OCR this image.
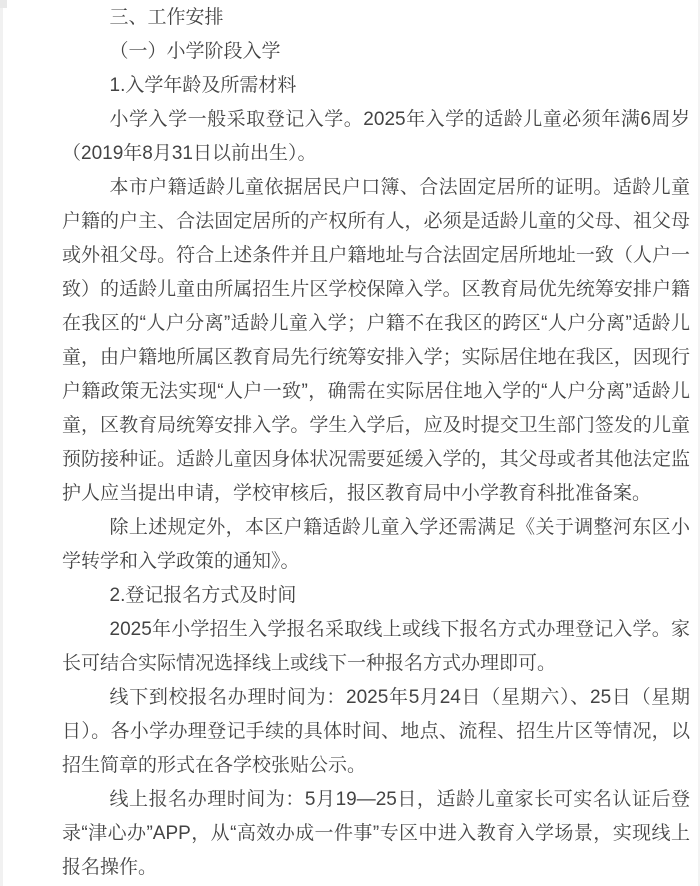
三、工作安排

（一）小学阶段入学

1.入学年龄及所需材料

小学入学一般采取登记入学。2025年入学的适龄儿童必须年满6周岁（2019年8月31日以前出生）。

本市户籍适龄儿童依据居民户口簿、合法固定居所的证明。适龄儿童户籍的户主、合法固定居所的产权所有人，必须是适龄儿童的父母、祖父母或外祖父母。符合上述条件并且户籍地址与合法固定居所地址一致（人户一致）的适龄儿童由所属招生片区学校保障入学。区教育局优先统筹安排户籍在我区的“人户分离”适龄儿童入学；户籍不在我区的跨区“人户分离”适龄儿童，由户籍地所属区教育局先行统筹安排入学；实际居住地在我区，因现行户籍政策无法实现“人户一致”，确需在实际居住地入学的“人户分离”适龄儿童，区教育局统筹安排入学。学生入学后，应及时提交卫生部门签发的儿童预防接种证。适龄儿童因身体状况需要延缓入学的，其父母或者其他法定监护人应当提出申请，学校审核后，报区教育局中小学教育科批准备案。

除上述规定外，本区户籍适龄儿童入学还需满足《关于调整河东区小学转学和入学政策的通知》。

2.登记报名方式及时间

2025年小学招生入学报名采取线上或线下报名方式办理登记入学。家长可结合实际情况选择线上或线下一种报名方式办理即可。

线下到校报名办理时间为：2025年5月24日（星期六）、25日（星期日）。各小学办理登记手续的具体时间、地点、流程、招生片区等情况，以招生简章的形式在各学校张贴公示。

线上报名办理时间为：5月19—25日，适龄儿童家长可实名认证后登录“津心办”APP，从“高效办成一件事”专区中进入教育入学场景，实现线上报名操作。
